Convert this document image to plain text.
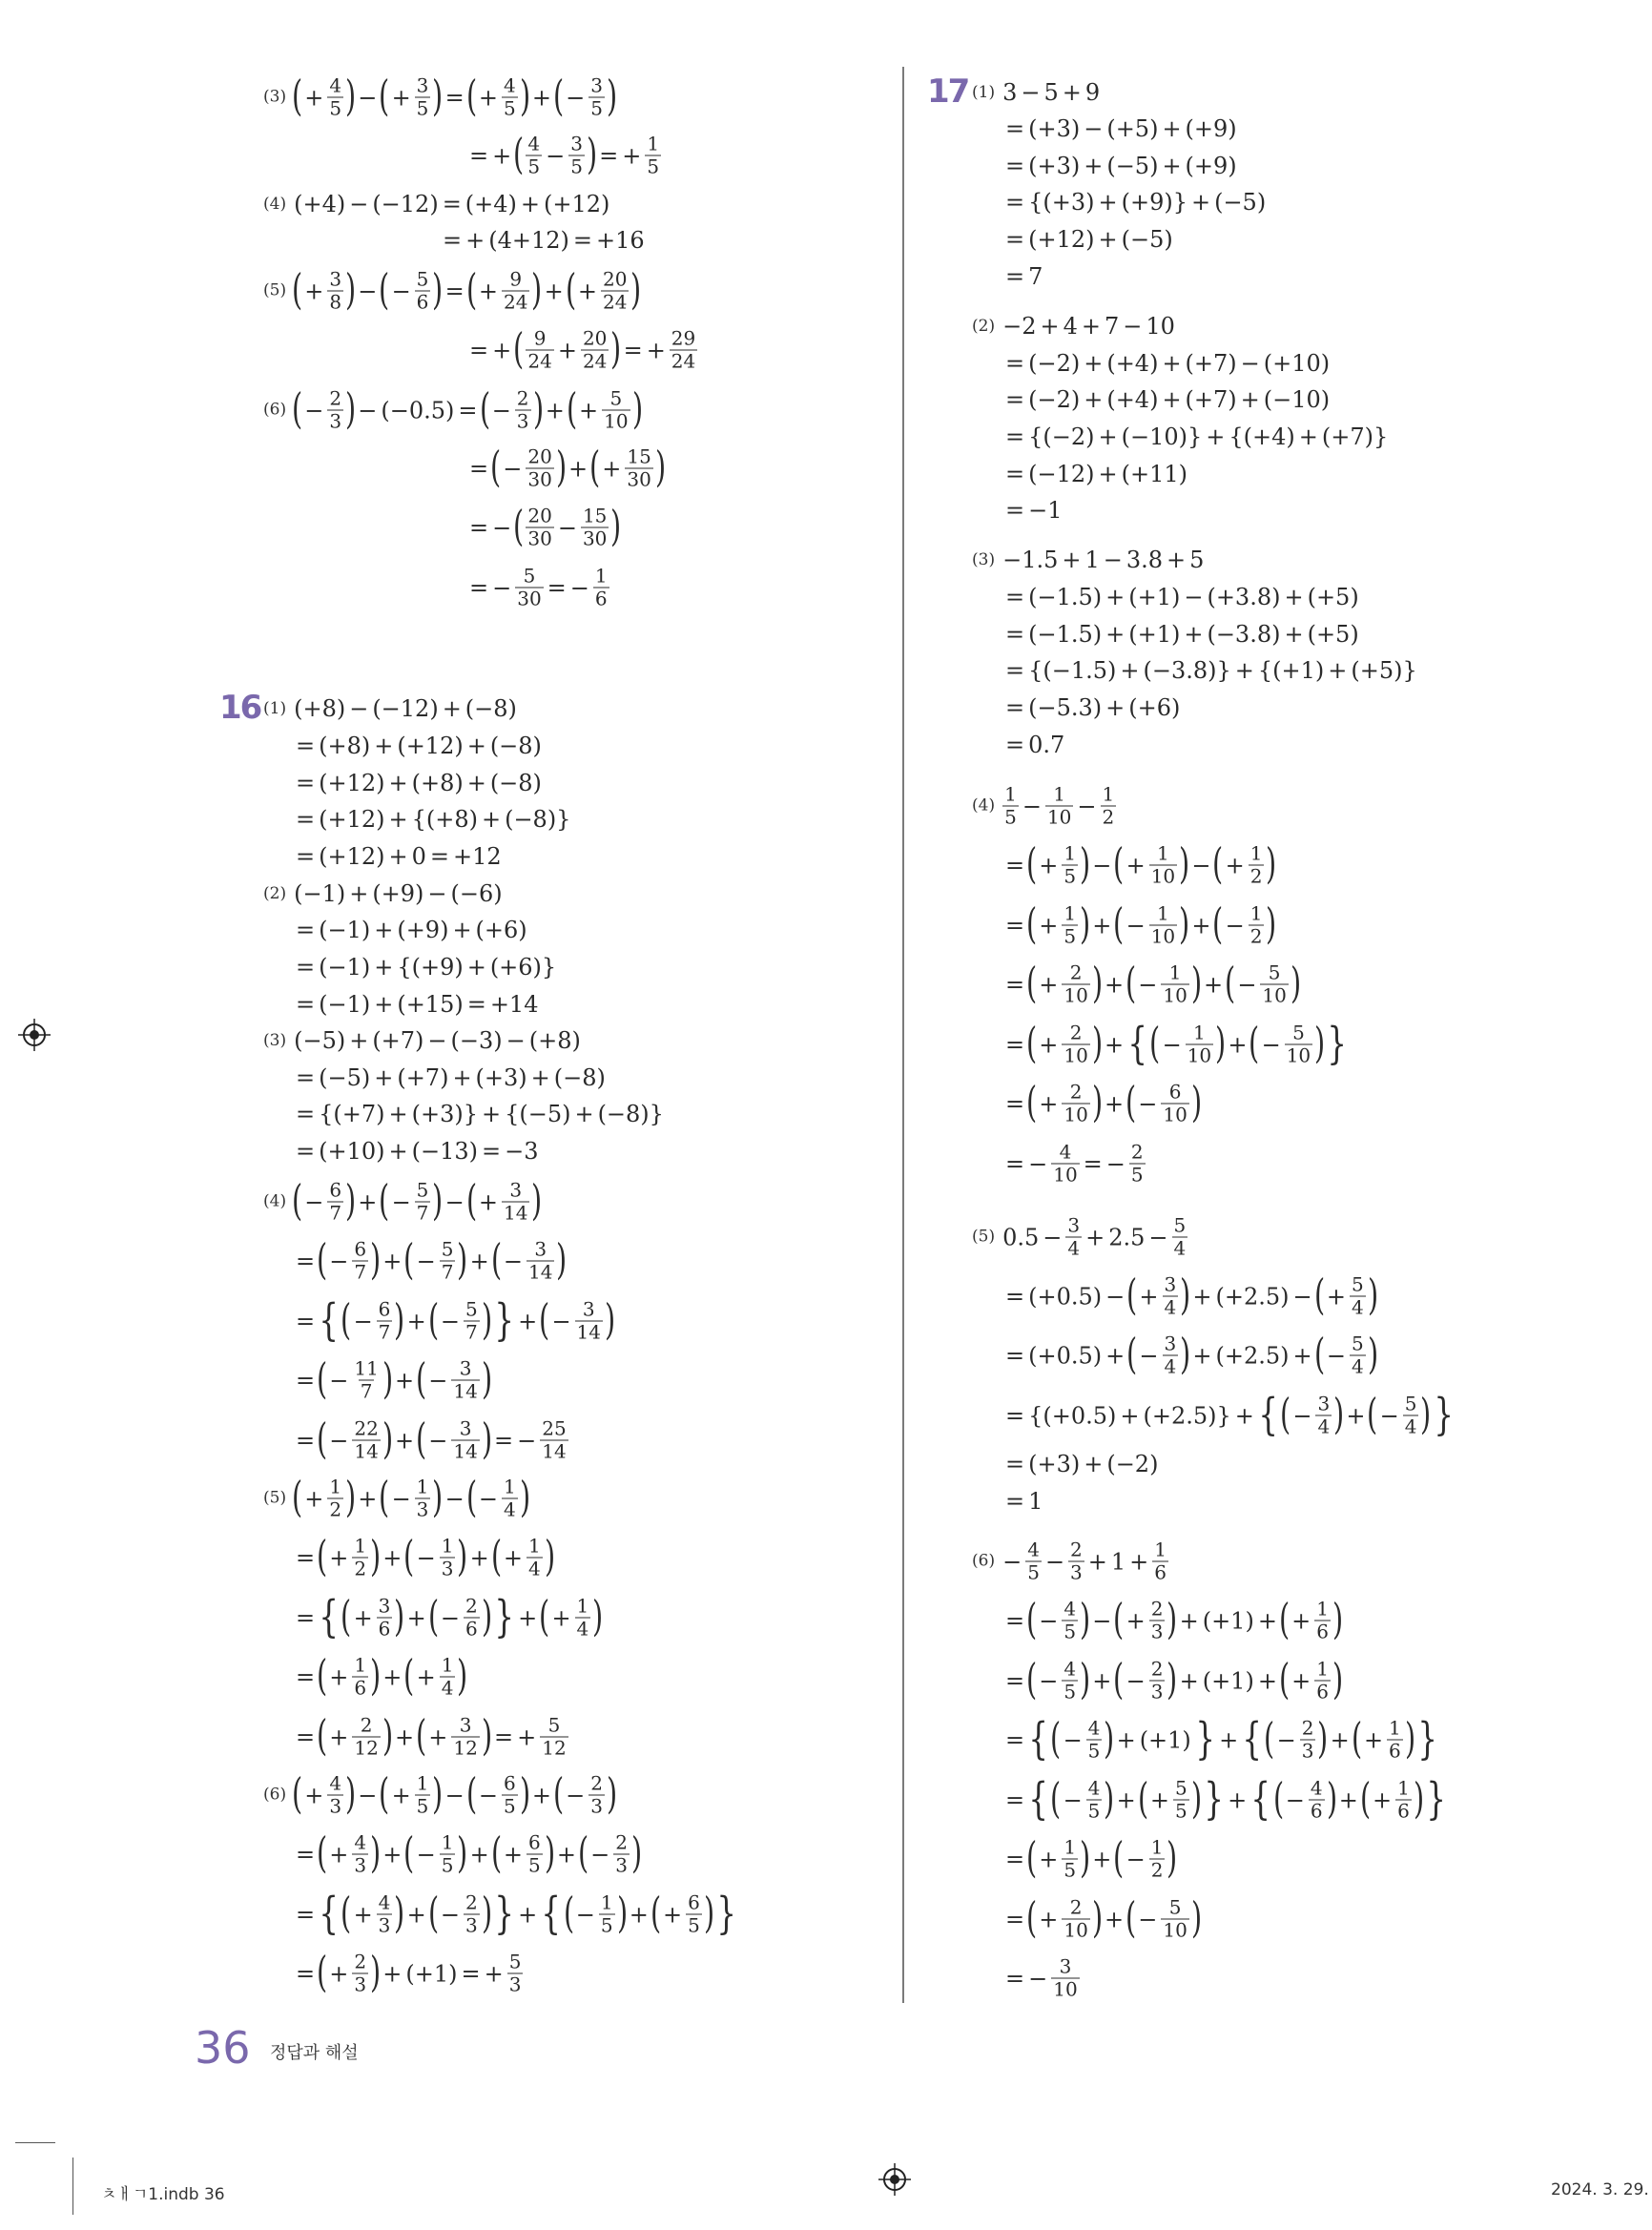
16
17
36 정답과 해설
ㅊㅐㄱ1.indb 36	2024. 3. 29.
(3) ( + $\frac{4}{5}$ ) − ( + $\frac{3}{5}$ ) = ( + $\frac{4}{5}$ ) + ( − $\frac{3}{5}$ )
= + ( $\frac{4}{5} - \frac{3}{5}$ ) = + $\frac{1}{5}$
(4) (+4) − (−12) = (+4) + (+12)
= + (4+12) = +16
(5) ( + $\frac{3}{8}$ ) − ( − $\frac{5}{6}$ ) = ( + $\frac{9}{24}$ ) + ( + $\frac{20}{24}$ )
= + ( $\frac{9}{24} + \frac{20}{24}$ ) = + $\frac{29}{24}$
(6) ( − $\frac{2}{3}$ ) − (−0.5) = ( − $\frac{2}{3}$ ) + ( + $\frac{5}{10}$ )
= ( − $\frac{20}{30}$ ) + ( + $\frac{15}{30}$ )
= − ( $\frac{20}{30} - \frac{15}{30}$ )
= − $\frac{5}{30}$ = − $\frac{1}{6}$
(1) (+8) − (−12) + (−8)
= (+8) + (+12) + (−8)
= (+12) + (+8) + (−8)
= (+12) + {(+8) + (−8)}
= (+12) + 0 = +12
(2) (−1) + (+9) − (−6)
= (−1) + (+9) + (+6)
= (−1) + {(+9) + (+6)}
= (−1) + (+15) = +14
(3) (−5) + (+7) − (−3) − (+8)
= (−5) + (+7) + (+3) + (−8)
= {(+7) + (+3)} + {(−5) + (−8)}
= (+10) + (−13) = −3
(4) ( − $\frac{6}{7}$ ) + ( − $\frac{5}{7}$ ) − ( + $\frac{3}{14}$ )
= ( − $\frac{6}{7}$ ) + ( − $\frac{5}{7}$ ) + ( − $\frac{3}{14}$ )
= { ( − $\frac{6}{7}$ ) + ( − $\frac{5}{7}$ ) } + ( − $\frac{3}{14}$ )
= ( − $\frac{11}{7}$ ) + ( − $\frac{3}{14}$ )
= ( − $\frac{22}{14}$ ) + ( − $\frac{3}{14}$ ) = − $\frac{25}{14}$
(5) ( + $\frac{1}{2}$ ) + ( − $\frac{1}{3}$ ) − ( − $\frac{1}{4}$ )
= ( + $\frac{1}{2}$ ) + ( − $\frac{1}{3}$ ) + ( + $\frac{1}{4}$ )
= { ( + $\frac{3}{6}$ ) + ( − $\frac{2}{6}$ ) } + ( + $\frac{1}{4}$ )
= ( + $\frac{1}{6}$ ) + ( + $\frac{1}{4}$ )
= ( + $\frac{2}{12}$ ) + ( + $\frac{3}{12}$ ) = + $\frac{5}{12}$
(6) ( + $\frac{4}{3}$ ) − ( + $\frac{1}{5}$ ) − ( − $\frac{6}{5}$ ) + ( − $\frac{2}{3}$ )
= ( + $\frac{4}{3}$ ) + ( − $\frac{1}{5}$ ) + ( + $\frac{6}{5}$ ) + ( − $\frac{2}{3}$ )
= { ( + $\frac{4}{3}$ ) + ( − $\frac{2}{3}$ ) } + { ( − $\frac{1}{5}$ ) + ( + $\frac{6}{5}$ ) }
= ( + $\frac{2}{3}$ ) + (+1) = + $\frac{5}{3}$
(1) 3 − 5 + 9
= (+3) − (+5) + (+9)
= (+3) + (−5) + (+9)
= {(+3) + (+9)} + (−5)
= (+12) + (−5)
= 7
(2) −2 + 4 + 7 − 10
= (−2) + (+4) + (+7) − (+10)
= (−2) + (+4) + (+7) + (−10)
= {(−2) + (−10)} + {(+4) + (+7)}
= (−12) + (+11)
= −1
(3) −1.5 + 1 − 3.8 + 5
= (−1.5) + (+1) − (+3.8) + (+5)
= (−1.5) + (+1) + (−3.8) + (+5)
= {(−1.5) + (−3.8)} + {(+1) + (+5)}
= (−5.3) + (+6)
= 0.7
$(4) \frac{1}{5} - \frac{1}{10} - \frac{1}{2}$
= ( + $\frac{1}{5}$ ) − ( + $\frac{1}{10}$ ) − ( + $\frac{1}{2}$ )
= ( + $\frac{1}{5}$ ) + ( − $\frac{1}{10}$ ) + ( − $\frac{1}{2}$ )
= ( + $\frac{2}{10}$ ) + ( − $\frac{1}{10}$ ) + ( − $\frac{5}{10}$ )
= ( + $\frac{2}{10}$ ) + { ( − $\frac{1}{10}$ ) + ( − $\frac{5}{10}$ ) }
= ( + $\frac{2}{10}$ ) + ( − $\frac{6}{10}$ )
= − $\frac{4}{10}$ = − $\frac{2}{5}$
(5) $0.5 - \frac{3}{4} + 2.5 - \frac{5}{4}$
= (+0.5) − ( + $\frac{3}{4}$ ) + (+2.5) − ( + $\frac{5}{4}$ )
= (+0.5) + ( − $\frac{3}{4}$ ) + (+2.5) + ( − $\frac{5}{4}$ )
= {(+0.5) + (+2.5)} + { ( − $\frac{3}{4}$ ) + ( − $\frac{5}{4}$ ) }
= (+3) + (−2)
= 1
$(6) - \frac{4}{5} - \frac{2}{3} + 1 + \frac{1}{6}$
= ( − $\frac{4}{5}$ ) − ( + $\frac{2}{3}$ ) + (+1) + ( + $\frac{1}{6}$ )
= ( − $\frac{4}{5}$ ) + ( − $\frac{2}{3}$ ) + (+1) + ( + $\frac{1}{6}$ )
= { ( − $\frac{4}{5}$ ) + (+1) } + { ( − $\frac{2}{3}$ ) + ( + $\frac{1}{6}$ ) }
= { ( − $\frac{4}{5}$ ) + ( + $\frac{5}{5}$ ) } + { ( − $\frac{4}{6}$ ) + ( + $\frac{1}{6}$ ) }
= ( + $\frac{1}{5}$ ) + ( − $\frac{1}{2}$ )
= ( + $\frac{2}{10}$ ) + ( − $\frac{5}{10}$ )
= − $\frac{3}{10}$
